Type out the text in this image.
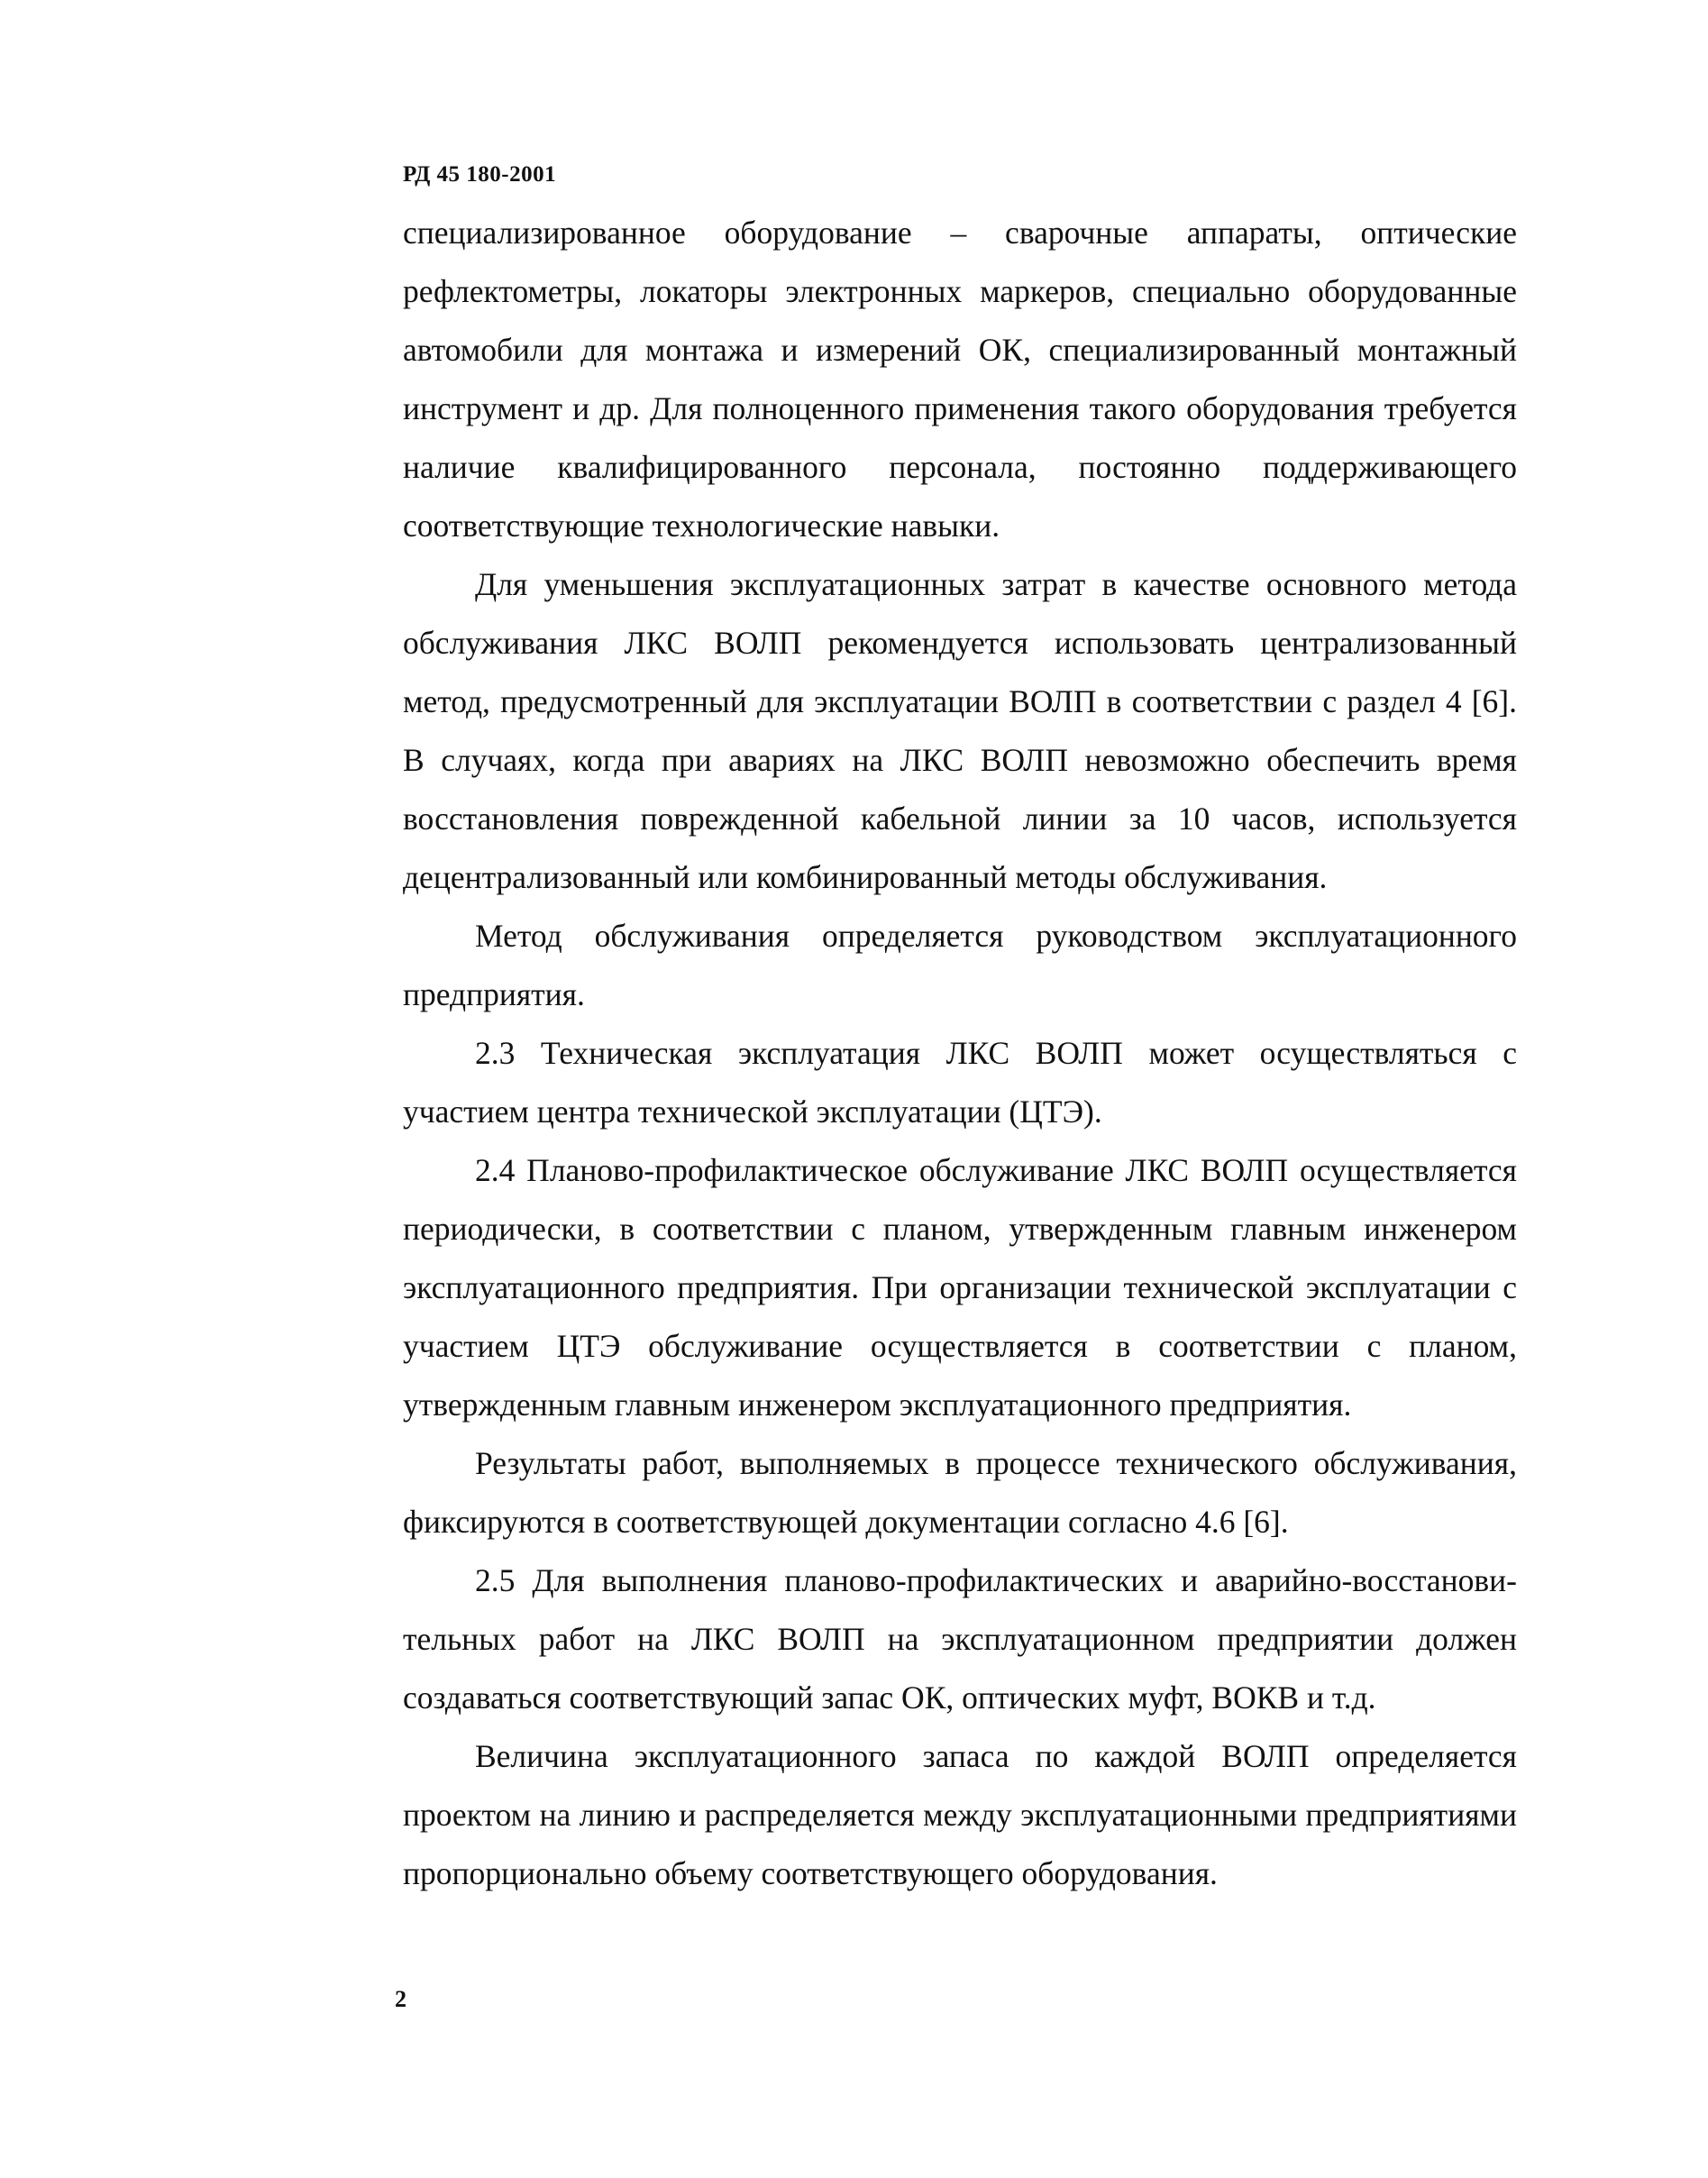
РД 45 180-2001

специализированное оборудование – сварочные аппараты, оптические рефлектометры, локаторы электронных маркеров, специально оборудованные автомобили для монтажа и измерений ОК, специализированный монтажный инструмент и др. Для полноценного применения такого оборудования требуется наличие квалифицированного персонала, постоянно поддерживающего соответствующие технологические навыки.

Для уменьшения эксплуатационных затрат в качестве основного метода обслуживания ЛКС ВОЛП рекомендуется использовать централизованный метод, предусмотренный для эксплуатации ВОЛП в соответствии с раздел 4 [6]. В случаях, когда при авариях на ЛКС ВОЛП невозможно обеспечить время восстановления поврежденной кабельной линии за 10 часов, используется децентрализованный или комбинированный методы обслуживания.

Метод обслуживания определяется руководством эксплуатационного предприятия.

2.3 Техническая эксплуатация ЛКС ВОЛП может осуществляться с участием центра технической эксплуатации (ЦТЭ).

2.4 Планово-профилактическое обслуживание ЛКС ВОЛП осуществляется периодически, в соответствии с планом, утвержденным главным инженером эксплуатационного предприятия. При организации технической эксплуатации с участием ЦТЭ обслуживание осуществляется в соответствии с планом, утвержденным главным инженером эксплуатационного предприятия.

Результаты работ, выполняемых в процессе технического обслуживания, фиксируются в соответствующей документации согласно 4.6 [6].

2.5 Для выполнения планово-профилактических и аварийно-восстанови-тельных работ на ЛКС ВОЛП на эксплуатационном предприятии должен создаваться соответствующий запас ОК, оптических муфт, ВОКВ и т.д.

Величина эксплуатационного запаса по каждой ВОЛП определяется проектом на линию и распределяется между эксплуатационными предприятиями пропорционально объему соответствующего оборудования.

2
